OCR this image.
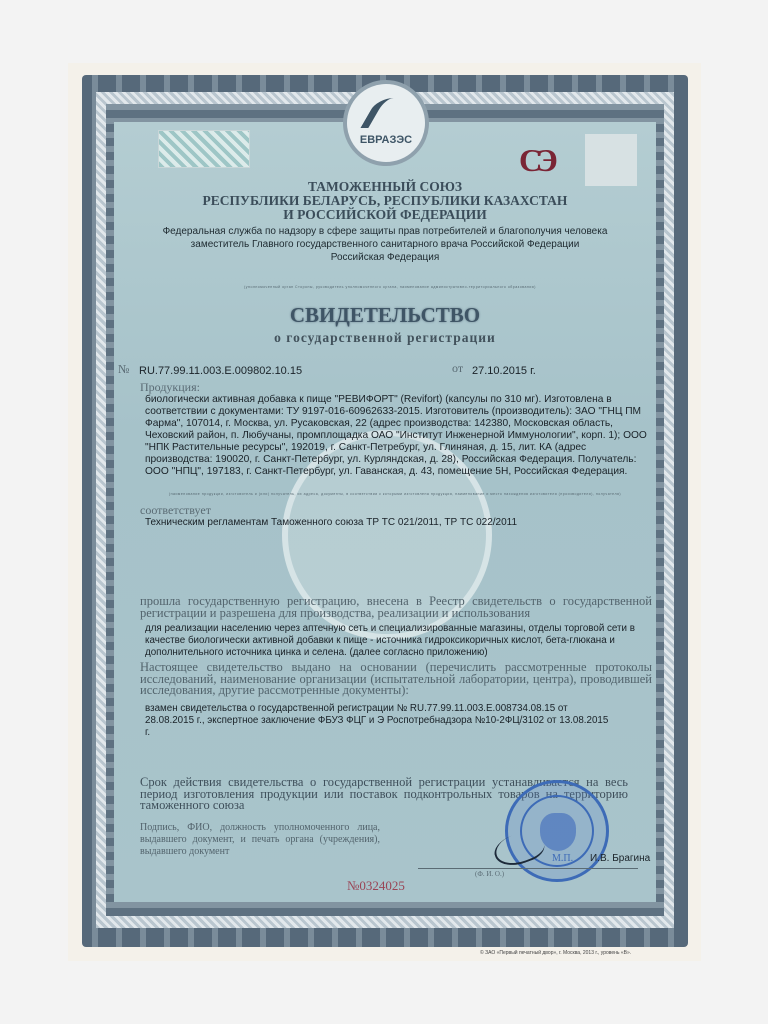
ЕВРАЗЭС
СЭ
ТАМОЖЕННЫЙ СОЮЗ
РЕСПУБЛИКИ БЕЛАРУСЬ, РЕСПУБЛИКИ КАЗАХСТАН
И РОССИЙСКОЙ ФЕДЕРАЦИИ
Федеральная служба по надзору в сфере защиты прав потребителей и благополучия человека
заместитель Главного государственного санитарного врача Российской Федерации
Российская Федерация
(уполномоченный орган Стороны, руководитель уполномоченного органа, наименование административно-территориального образования)
СВИДЕТЕЛЬСТВО
о государственной регистрации
№ RU.77.99.11.003.Е.009802.10.15	от 27.10.2015 г.
Продукция:
биологически активная добавка к пище "РЕВИФОРТ" (Revifort) (капсулы по 310 мг). Изготовлена в соответствии с документами: ТУ 9197-016-60962633-2015. Изготовитель (производитель): ЗАО "ГНЦ ПМ Фарма", 107014, г. Москва, ул. Русаковская, 22 (адрес производства: 142380, Московская область, Чеховский район, п. Любучаны, промплощадка ОАО "Институт Инженерной Иммунологии", корп. 1); ООО "НПК Растительные ресурсы", 192019, г. Санкт-Петребург, ул. Глиняная, д. 15, лит. КА (адрес производства: 190020, г. Санкт-Петербург, ул. Курляндская, д. 28), Российская Федерация. Получатель: ООО "НПЦ", 197183, г. Санкт-Петербург, ул. Гаванская, д. 43, помещение 5Н, Российская Федерация.
(наименование продукции, изготовитель и (или) получатель, их адреса, документы, в соответствии с которыми изготовлена продукция, наименование и место нахождения изготовителя (производителя), получателя)
соответствует
Техническим регламентам Таможенного союза ТР ТС 021/2011, ТР ТС 022/2011
прошла государственную регистрацию, внесена в Реестр свидетельств о государственной регистрации и разрешена для производства, реализации и использования
для реализации населению через аптечную сеть и специализированные магазины, отделы торговой сети в качестве биологически активной добавки к пище - источника гидроксикоричных кислот, бета-глюкана и дополнительного источника цинка и селена. (далее согласно приложению)
Настоящее свидетельство выдано на основании (перечислить рассмотренные протоколы исследований, наименование организации (испытательной лаборатории, центра), проводившей исследования, другие рассмотренные документы):
взамен свидетельства о государственной регистрации № RU.77.99.11.003.Е.008734.08.15 от 28.08.2015 г., экспертное заключение ФБУЗ ФЦГ и Э Роспотребнадзора №10-2ФЦ/3102 от 13.08.2015 г.
Срок действия свидетельства о государственной регистрации устанавливается на весь период изготовления продукции или поставок подконтрольных товаров на территорию таможенного союза
Подпись, ФИО, должность уполномоченного лица, выдавшего документ, и печать органа (учреждения), выдавшего документ
М.П. И.В. Брагина
(Ф. И. О.)
№0324025
© ЗАО «Первый печатный двор», г. Москва, 2013 г., уровень «В».
